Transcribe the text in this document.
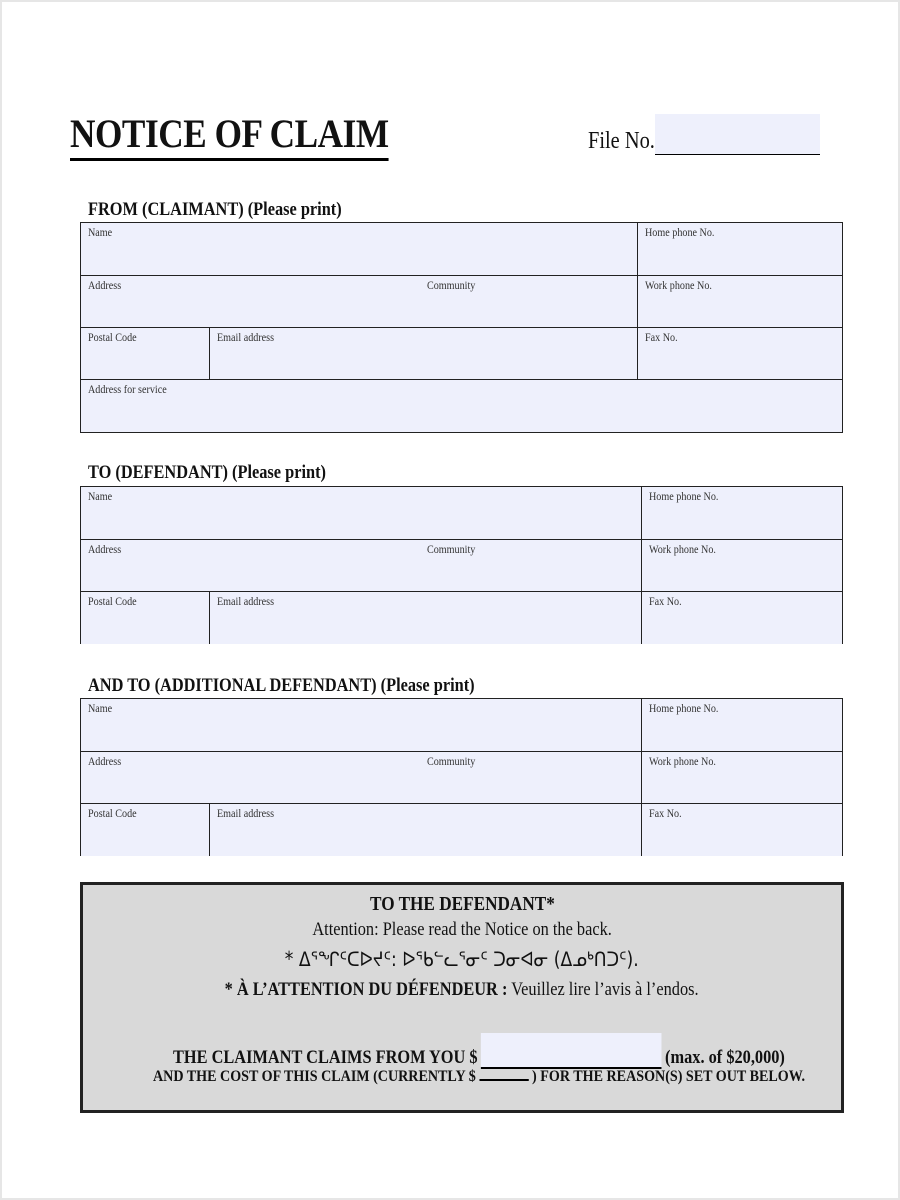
NOTICE OF CLAIM	File No.
FROM (CLAIMANT) (Please print)
Name	Home phone No.
Address	Community	Work phone No.
Postal Code	Email address	Fax No.
Address for service
TO (DEFENDANT) (Please print)
Name	Home phone No.
Address	Community	Work phone No.
Postal Code	Email address	Fax No.
AND TO (ADDITIONAL DEFENDANT) (Please print)
Name	Home phone No.
Address	Community	Work phone No.
Postal Code	Email address	Fax No.
TO THE DEFENDANT*
Attention: Please read the Notice on the back.
* ᐃᕐᖏᑦᑕᐅᔪᑦ: ᐅᖃᓪᓚᕐᓂᑦ ᑐᓂᐊᓂ (ᐃᓄᒃᑎᑐᑦ).
* À L’ATTENTION DU DÉFENDEUR : Veuillez lire l’avis à l’endos.
THE CLAIMANT CLAIMS FROM YOU $	(max. of $20,000)
AND THE COST OF THIS CLAIM (CURRENTLY $	) FOR THE REASON(S) SET OUT BELOW.
